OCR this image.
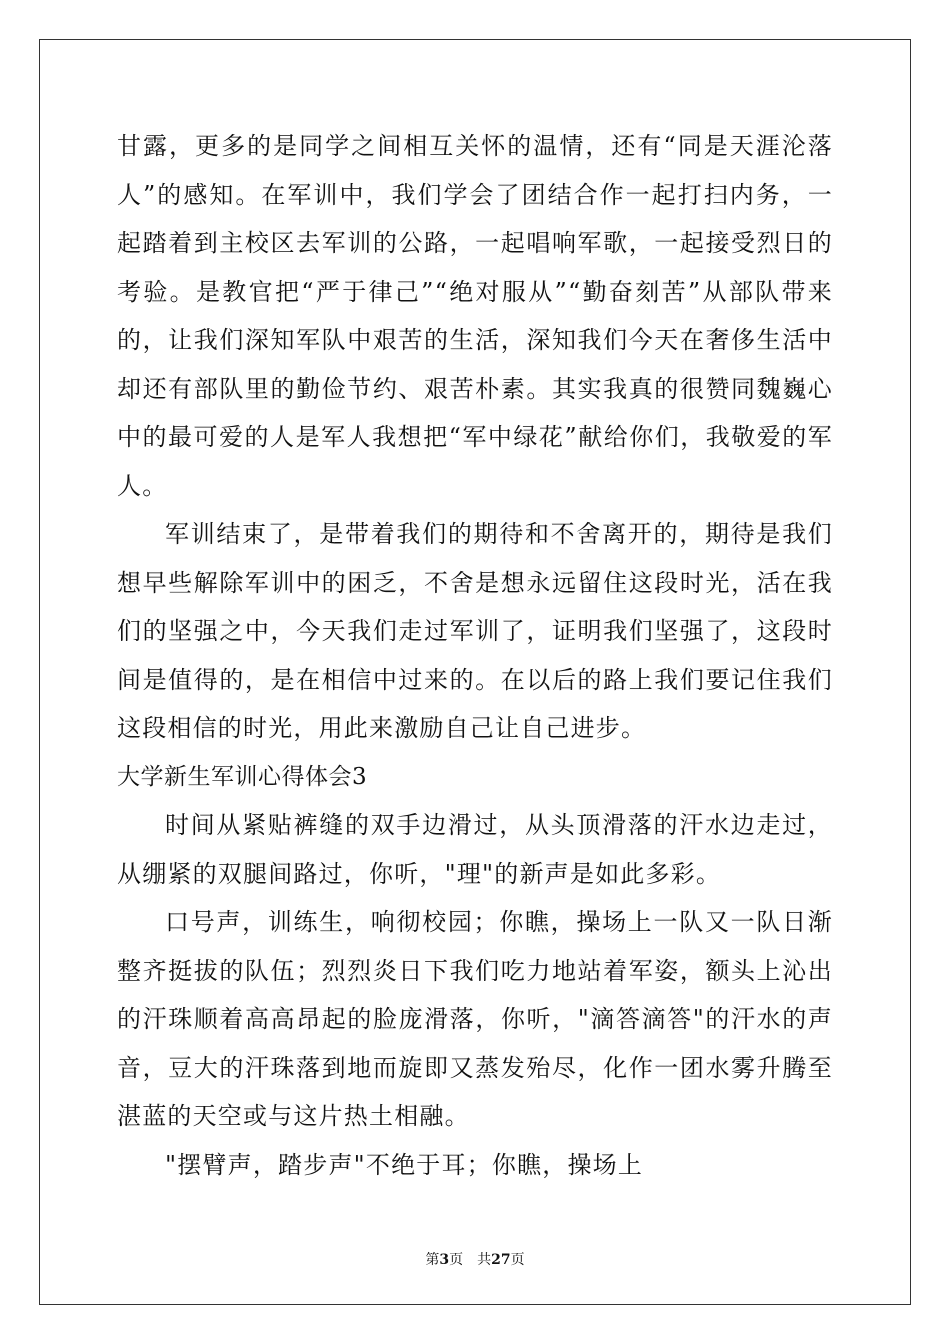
甘露，更多的是同学之间相互关怀的温情，还有“同是天涯沦落人”的感知。在军训中，我们学会了团结合作一起打扫内务，一起踏着到主校区去军训的公路，一起唱响军歌，一起接受烈日的考验。是教官把“严于律己”“绝对服从”“勤奋刻苦”从部队带来的，让我们深知军队中艰苦的生活，深知我们今天在奢侈生活中却还有部队里的勤俭节约、艰苦朴素。其实我真的很赞同魏巍心中的最可爱的人是军人我想把“军中绿花”献给你们，我敬爱的军人。

军训结束了，是带着我们的期待和不舍离开的，期待是我们想早些解除军训中的困乏，不舍是想永远留住这段时光，活在我们的坚强之中，今天我们走过军训了，证明我们坚强了，这段时间是值得的，是在相信中过来的。在以后的路上我们要记住我们这段相信的时光，用此来激励自己让自己进步。

大学新生军训心得体会3

时间从紧贴裤缝的双手边滑过，从头顶滑落的汗水边走过，从绷紧的双腿间路过，你听，"理"的新声是如此多彩。

口号声，训练生，响彻校园；你瞧，操场上一队又一队日渐整齐挺拔的队伍；烈烈炎日下我们吃力地站着军姿，额头上沁出的汗珠顺着高高昂起的脸庞滑落，你听，"滴答滴答"的汗水的声音，豆大的汗珠落到地而旋即又蒸发殆尽，化作一团水雾升腾至湛蓝的天空或与这片热土相融。

"摆臂声，踏步声"不绝于耳；你瞧，操场上

第3页 共27页
